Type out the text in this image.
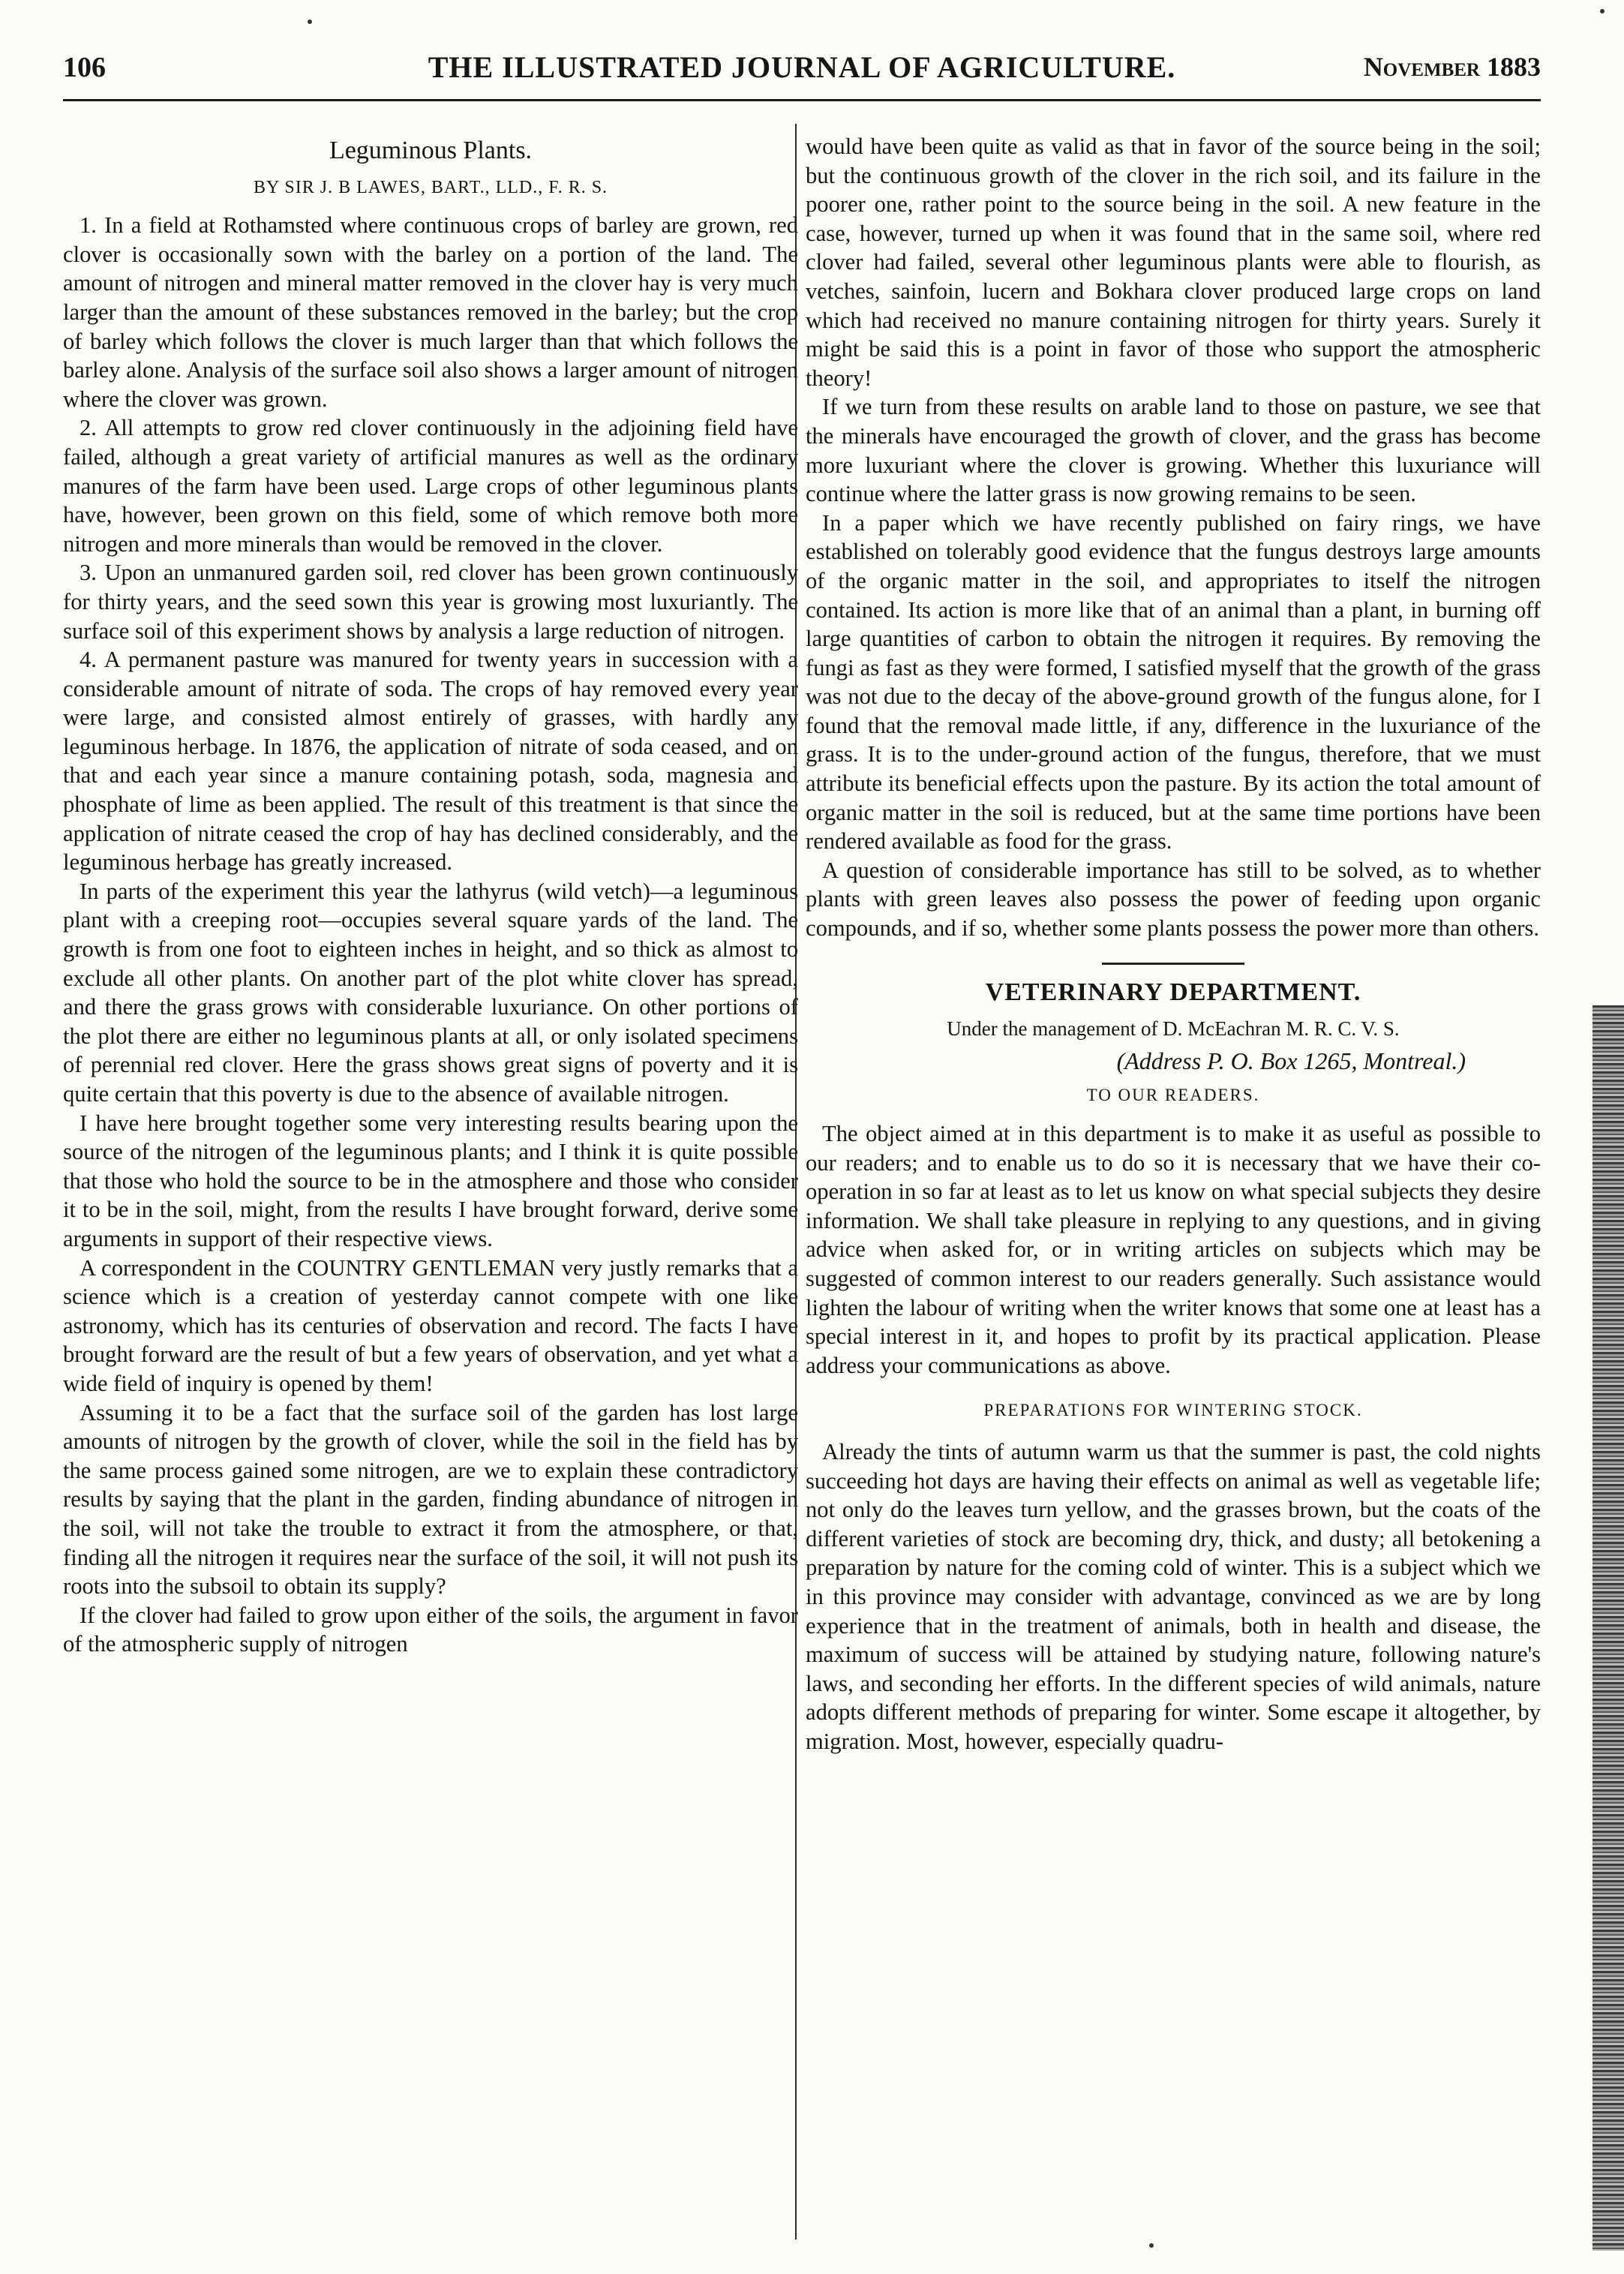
106	THE ILLUSTRATED JOURNAL OF AGRICULTURE.	November 1883
Leguminous Plants.
BY SIR J. B LAWES, BART., LLD., F. R. S.

1. In a field at Rothamsted where continuous crops of barley are grown, red clover is occasionally sown with the barley on a portion of the land. The amount of nitrogen and mineral matter removed in the clover hay is very much larger than the amount of these substances removed in the barley; but the crop of barley which follows the clover is much larger than that which follows the barley alone. Analysis of the surface soil also shows a larger amount of nitrogen where the clover was grown.

2. All attempts to grow red clover continuously in the adjoining field have failed, although a great variety of artificial manures as well as the ordinary manures of the farm have been used. Large crops of other leguminous plants have, however, been grown on this field, some of which remove both more nitrogen and more minerals than would be removed in the clover.

3. Upon an unmanured garden soil, red clover has been grown continuously for thirty years, and the seed sown this year is growing most luxuriantly. The surface soil of this experiment shows by analysis a large reduction of nitrogen.

4. A permanent pasture was manured for twenty years in succession with a considerable amount of nitrate of soda. The crops of hay removed every year were large, and consisted almost entirely of grasses, with hardly any leguminous herbage. In 1876, the application of nitrate of soda ceased, and on that and each year since a manure containing potash, soda, magnesia and phosphate of lime as been applied. The result of this treatment is that since the application of nitrate ceased the crop of hay has declined considerably, and the leguminous herbage has greatly increased.

In parts of the experiment this year the lathyrus (wild vetch)—a leguminous plant with a creeping root—occupies several square yards of the land. The growth is from one foot to eighteen inches in height, and so thick as almost to exclude all other plants. On another part of the plot white clover has spread, and there the grass grows with considerable luxuriance. On other portions of the plot there are either no leguminous plants at all, or only isolated specimens of perennial red clover. Here the grass shows great signs of poverty and it is quite certain that this poverty is due to the absence of available nitrogen.

I have here brought together some very interesting results bearing upon the source of the nitrogen of the leguminous plants; and I think it is quite possible that those who hold the source to be in the atmosphere and those who consider it to be in the soil, might, from the results I have brought forward, derive some arguments in support of their respective views.

A correspondent in the COUNTRY GENTLEMAN very justly remarks that a science which is a creation of yesterday cannot compete with one like astronomy, which has its centuries of observation and record. The facts I have brought forward are the result of but a few years of observation, and yet what a wide field of inquiry is opened by them!

Assuming it to be a fact that the surface soil of the garden has lost large amounts of nitrogen by the growth of clover, while the soil in the field has by the same process gained some nitrogen, are we to explain these contradictory results by saying that the plant in the garden, finding abundance of nitrogen in the soil, will not take the trouble to extract it from the atmosphere, or that, finding all the nitrogen it requires near the surface of the soil, it will not push its roots into the subsoil to obtain its supply?

If the clover had failed to grow upon either of the soils, the argument in favor of the atmospheric supply of nitrogen

would have been quite as valid as that in favor of the source being in the soil; but the continuous growth of the clover in the rich soil, and its failure in the poorer one, rather point to the source being in the soil. A new feature in the case, however, turned up when it was found that in the same soil, where red clover had failed, several other leguminous plants were able to flourish, as vetches, sainfoin, lucern and Bokhara clover produced large crops on land which had received no manure containing nitrogen for thirty years. Surely it might be said this is a point in favor of those who support the atmospheric theory!

If we turn from these results on arable land to those on pasture, we see that the minerals have encouraged the growth of clover, and the grass has become more luxuriant where the clover is growing. Whether this luxuriance will continue where the latter grass is now growing remains to be seen.

In a paper which we have recently published on fairy rings, we have established on tolerably good evidence that the fungus destroys large amounts of the organic matter in the soil, and appropriates to itself the nitrogen contained. Its action is more like that of an animal than a plant, in burning off large quantities of carbon to obtain the nitrogen it requires. By removing the fungi as fast as they were formed, I satisfied myself that the growth of the grass was not due to the decay of the above-ground growth of the fungus alone, for I found that the removal made little, if any, difference in the luxuriance of the grass. It is to the under-ground action of the fungus, therefore, that we must attribute its beneficial effects upon the pasture. By its action the total amount of organic matter in the soil is reduced, but at the same time portions have been rendered available as food for the grass.

A question of considerable importance has still to be solved, as to whether plants with green leaves also possess the power of feeding upon organic compounds, and if so, whether some plants possess the power more than others.

VETERINARY DEPARTMENT.
Under the management of D. McEachran M. R. C. V. S.
(Address P. O. Box 1265, Montreal.)
TO OUR READERS.

The object aimed at in this department is to make it as useful as possible to our readers; and to enable us to do so it is necessary that we have their co-operation in so far at least as to let us know on what special subjects they desire information. We shall take pleasure in replying to any questions, and in giving advice when asked for, or in writing articles on subjects which may be suggested of common interest to our readers generally. Such assistance would lighten the labour of writing when the writer knows that some one at least has a special interest in it, and hopes to profit by its practical application. Please address your communications as above.

PREPARATIONS FOR WINTERING STOCK.

Already the tints of autumn warm us that the summer is past, the cold nights succeeding hot days are having their effects on animal as well as vegetable life; not only do the leaves turn yellow, and the grasses brown, but the coats of the different varieties of stock are becoming dry, thick, and dusty; all betokening a preparation by nature for the coming cold of winter. This is a subject which we in this province may consider with advantage, convinced as we are by long experience that in the treatment of animals, both in health and disease, the maximum of success will be attained by studying nature, following nature's laws, and seconding her efforts. In the different species of wild animals, nature adopts different methods of preparing for winter. Some escape it altogether, by migration. Most, however, especially quadru-
